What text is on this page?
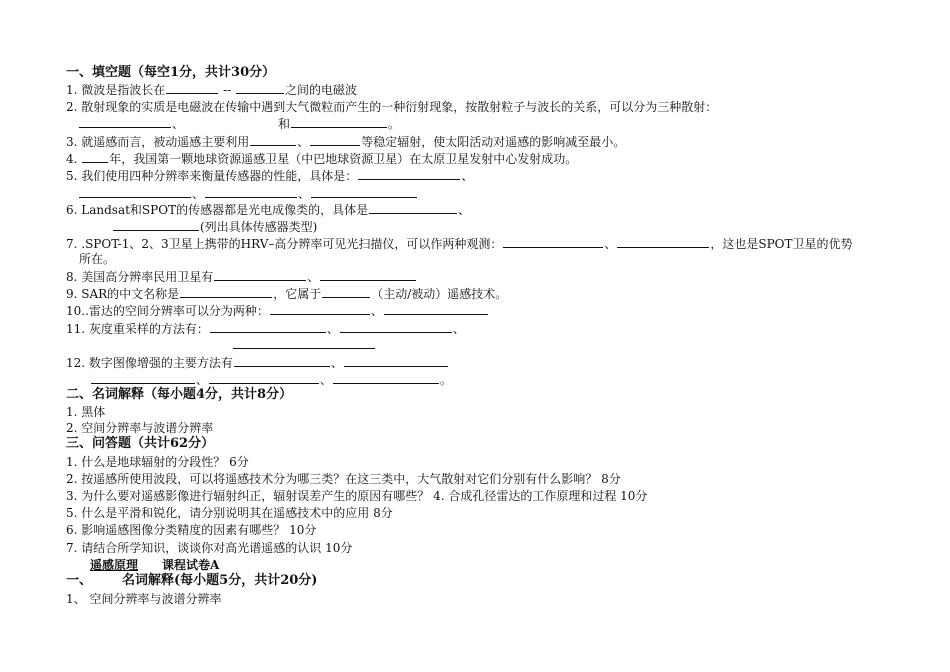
一、填空题（每空1分，共计30分）
1. 微波是指波长在	--	之间的电磁波
2. 散射现象的实质是电磁波在传输中遇到大气微粒而产生的一种衍射现象，按散射粒子与波长的关系，可以分为三种散射：
、	和	。
3. 就遥感而言，被动遥感主要利用	、	等稳定辐射，使太阳活动对遥感的影响减至最小。
4. 年，我国第一颗地球资源遥感卫星（中巴地球资源卫星）在太原卫星发射中心发射成功。
5. 我们使用四种分辨率来衡量传感器的性能，具体是：	、
、	、
6. Landsat和SPOT的传感器都是光电成像类的，具体是	、
(列出具体传感器类型)
7. .SPOT-1、2、3卫星上携带的HRV–高分辨率可见光扫描仪，可以作两种观测：	、	，这也是SPOT卫星的优势
所在。
8. 美国高分辨率民用卫星有	、
9. SAR的中文名称是	，它属于	（主动/被动）遥感技术。
10..雷达的空间分辨率可以分为两种：	、
11. 灰度重采样的方法有：	、	、
12. 数字图像增强的主要方法有	、
、	、	。
二、名词解释（每小题4分，共计8分）
1. 黑体
2. 空间分辨率与波谱分辨率
三、问答题（共计62分）
1. 什么是地球辐射的分段性？ 6分
2. 按遥感所使用波段，可以将遥感技术分为哪三类？在这三类中，大气散射对它们分别有什么影响？ 8分
3. 为什么要对遥感影像进行辐射纠正，辐射误差产生的原因有哪些？ 4. 合成孔径雷达的工作原理和过程 10分
5. 什么是平滑和锐化，请分别说明其在遥感技术中的应用 8分
6. 影响遥感图像分类精度的因素有哪些？ 10分
7. 请结合所学知识，谈谈你对高光谱遥感的认识 10分
遥感原理 课程试卷A
一、 名词解释(每小题5分，共计20分)
1、 空间分辨率与波谱分辨率
